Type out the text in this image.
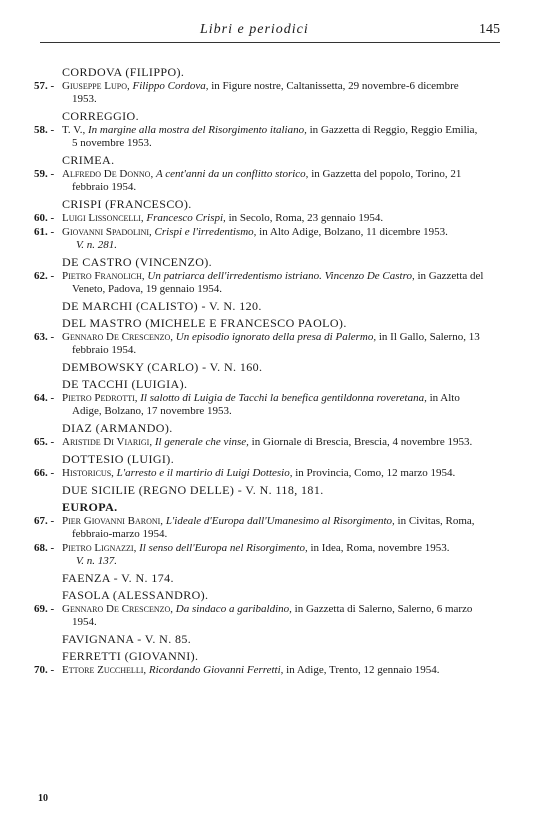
Libri e periodici	145
CORDOVA (FILIPPO).
57. - Giuseppe Lupo, Filippo Cordova, in Figure nostre, Caltanissetta, 29 novembre-6 dicembre 1953.
CORREGGIO.
58. - T. V., In margine alla mostra del Risorgimento italiano, in Gazzetta di Reggio, Reggio Emilia, 5 novembre 1953.
CRIMEA.
59. - Alfredo De Donno, A cent'anni da un conflitto storico, in Gazzetta del popolo, Torino, 21 febbraio 1954.
CRISPI (FRANCESCO).
60. - Luigi Lissoncelli, Francesco Crispi, in Secolo, Roma, 23 gennaio 1954.
61. - Giovanni Spadolini, Crispi e l'irredentismo, in Alto Adige, Bolzano, 11 dicembre 1953.
V. n. 281.
DE CASTRO (VINCENZO).
62. - Pietro Franolich, Un patriarca dell'irredentismo istriano. Vincenzo De Castro, in Gazzetta del Veneto, Padova, 19 gennaio 1954.
DE MARCHI (CALISTO) - V. N. 120.
DEL MASTRO (MICHELE E FRANCESCO PAOLO).
63. - Gennaro De Crescenzo, Un episodio ignorato della presa di Palermo, in Il Gallo, Salerno, 13 febbraio 1954.
DEMBOWSKY (CARLO) - V. N. 160.
DE TACCHI (LUIGIA).
64. - Pietro Pedrotti, Il salotto di Luigia de Tacchi la benefica gentildonna roveretana, in Alto Adige, Bolzano, 17 novembre 1953.
DIAZ (ARMANDO).
65. - Aristide Di Viarigi, Il generale che vinse, in Giornale di Brescia, Brescia, 4 novembre 1953.
DOTTESIO (LUIGI).
66. - Historicus, L'arresto e il martirio di Luigi Dottesio, in Provincia, Como, 12 marzo 1954.
DUE SICILIE (REGNO DELLE) - V. N. 118, 181.
EUROPA.
67. - Pier Giovanni Baroni, L'ideale d'Europa dall'Umanesimo al Risorgimento, in Civitas, Roma, febbraio-marzo 1954.
68. - Pietro Lignazzi, Il senso dell'Europa nel Risorgimento, in Idea, Roma, novembre 1953.
V. n. 137.
FAENZA - V. N. 174.
FASOLA (ALESSANDRO).
69. - Gennaro De Crescenzo, Da sindaco a garibaldino, in Gazzetta di Salerno, Salerno, 6 marzo 1954.
FAVIGNANA - V. N. 85.
FERRETTI (GIOVANNI).
70. - Ettore Zucchelli, Ricordando Giovanni Ferretti, in Adige, Trento, 12 gennaio 1954.
10
